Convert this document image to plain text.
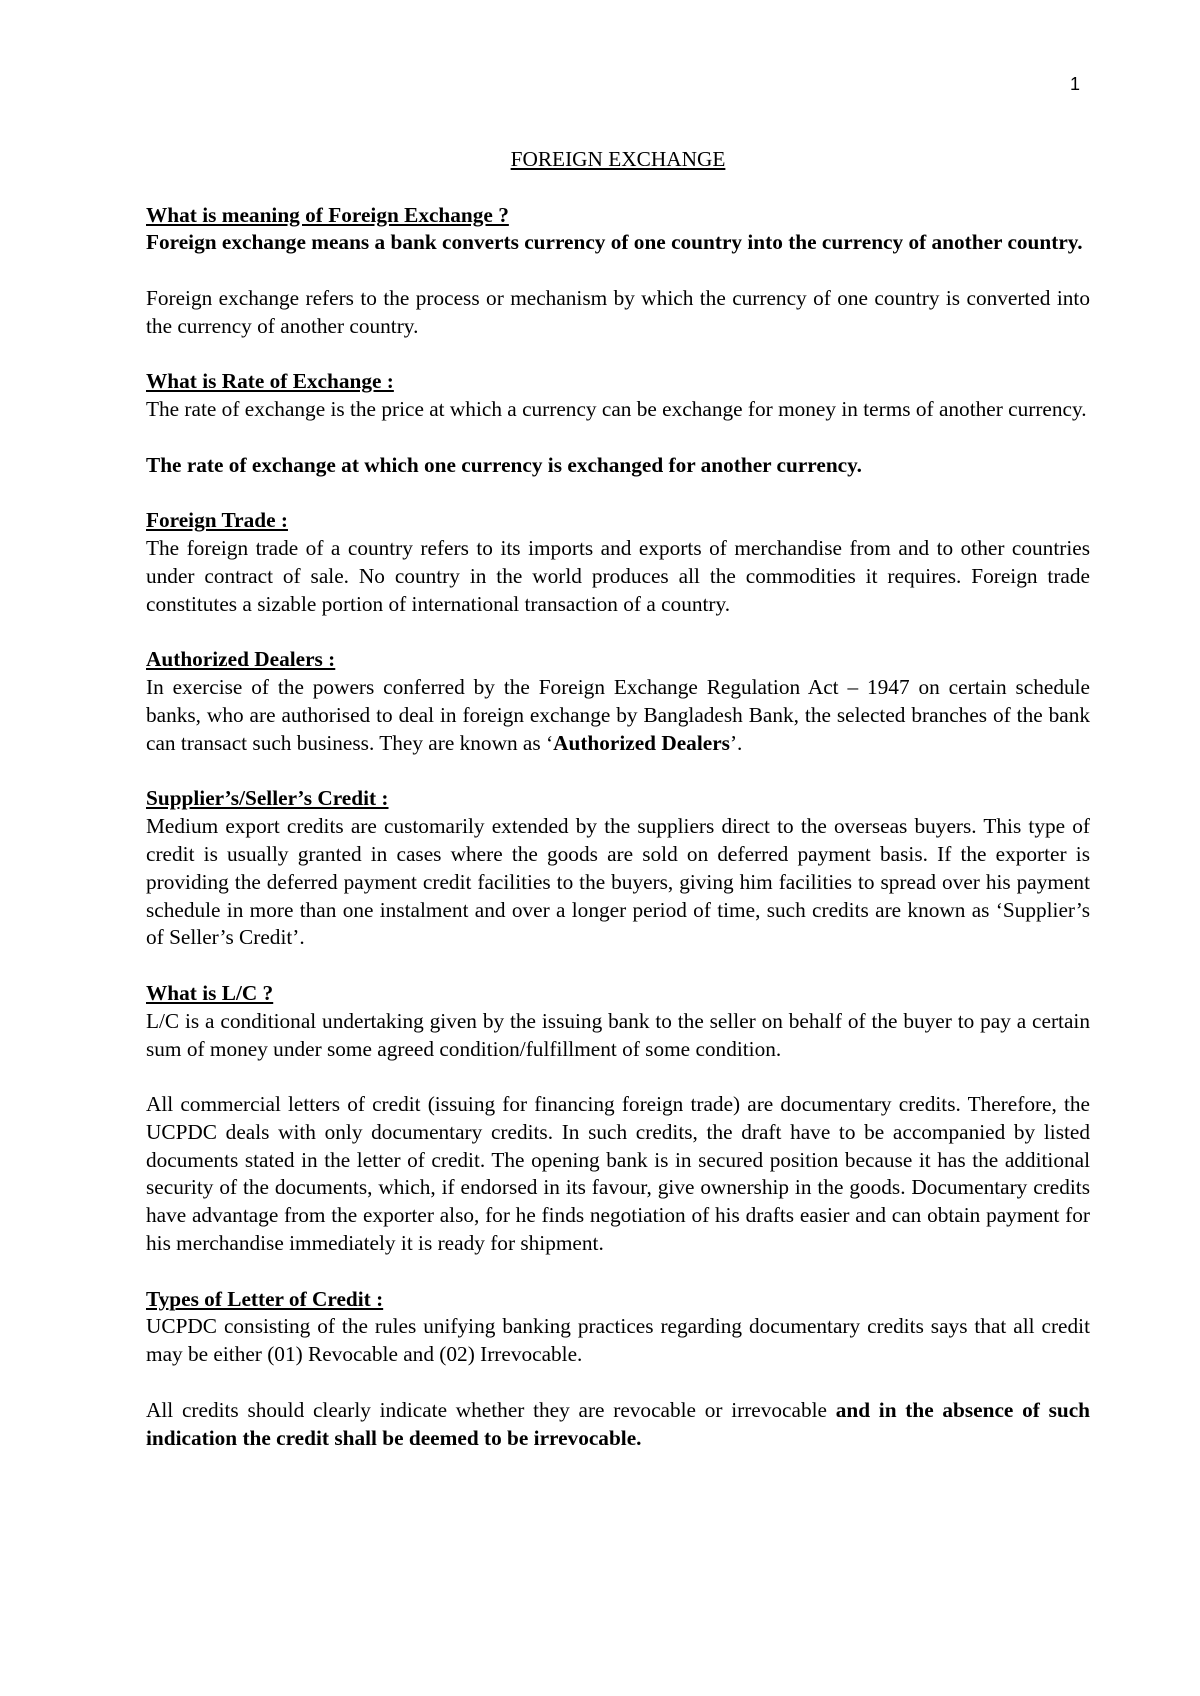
1
FOREIGN EXCHANGE
What is meaning of Foreign Exchange ?

Foreign exchange means a bank converts currency of one country into the currency of another country.

Foreign exchange refers to the process or mechanism by which the currency of one country is converted into the currency of another country.

What is Rate of Exchange :

The rate of exchange is the price at which a currency can be exchange for money in terms of another currency.

The rate of exchange at which one currency is exchanged for another currency.

Foreign Trade :

The foreign trade of a country refers to its imports and exports of merchandise from and to other countries under contract of sale. No country in the world produces all the commodities it requires. Foreign trade constitutes a sizable portion of international transaction of a country.

Authorized Dealers :

In exercise of the powers conferred by the Foreign Exchange Regulation Act – 1947 on certain schedule banks, who are authorised to deal in foreign exchange by Bangladesh Bank, the selected branches of the bank can transact such business. They are known as ‘Authorized Dealers’.

Supplier’s/Seller’s Credit :

Medium export credits are customarily extended by the suppliers direct to the overseas buyers. This type of credit is usually granted in cases where the goods are sold on deferred payment basis. If the exporter is providing the deferred payment credit facilities to the buyers, giving him facilities to spread over his payment schedule in more than one instalment and over a longer period of time, such credits are known as ‘Supplier’s of Seller’s Credit’.

What is L/C ?

L/C is a conditional undertaking given by the issuing bank to the seller on behalf of the buyer to pay a certain sum of money under some agreed condition/fulfillment of some condition.

All commercial letters of credit (issuing for financing foreign trade) are documentary credits. Therefore, the UCPDC deals with only documentary credits. In such credits, the draft have to be accompanied by listed documents stated in the letter of credit. The opening bank is in secured position because it has the additional security of the documents, which, if endorsed in its favour, give ownership in the goods. Documentary credits have advantage from the exporter also, for he finds negotiation of his drafts easier and can obtain payment for his merchandise immediately it is ready for shipment.

Types of Letter of Credit :

UCPDC consisting of the rules unifying banking practices regarding documentary credits says that all credit may be either (01) Revocable and (02) Irrevocable.

All credits should clearly indicate whether they are revocable or irrevocable and in the absence of such indication the credit shall be deemed to be irrevocable.
